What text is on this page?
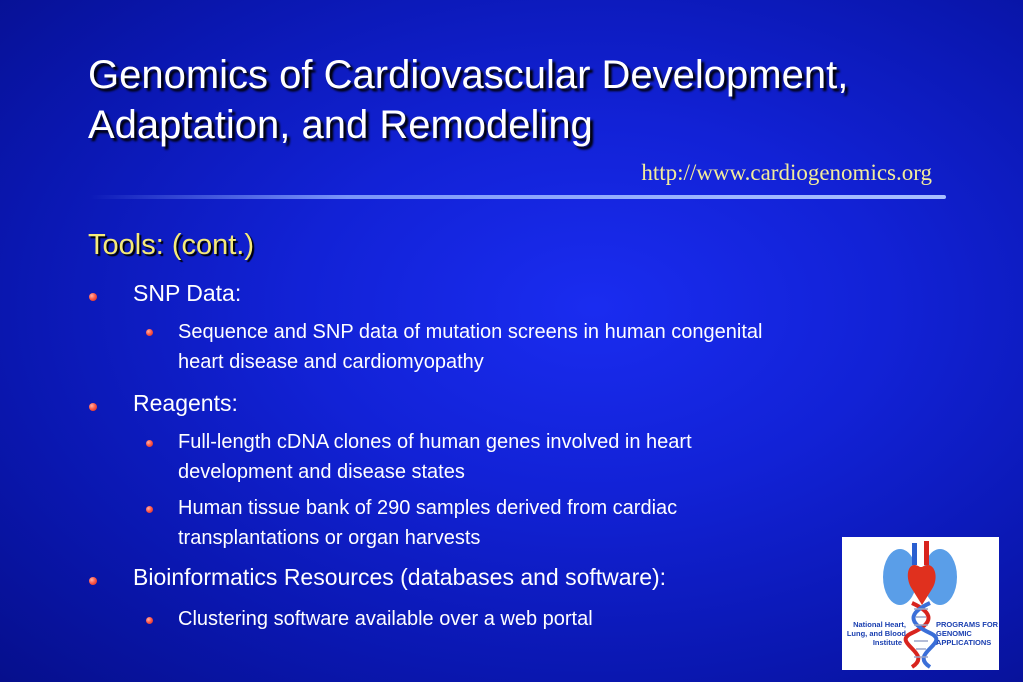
Genomics of Cardiovascular Development,
Adaptation, and Remodeling
http://www.cardiogenomics.org
Tools: (cont.)
SNP Data:
Sequence and SNP data of mutation screens in human congenital
heart disease and cardiomyopathy
Reagents:
Full-length cDNA clones of human genes involved in heart
development and disease states
Human tissue bank of 290 samples derived from cardiac
transplantations or organ harvests
Bioinformatics Resources (databases and software):
Clustering software available over a web portal	National Heart,
Lung, and Blood
Institute
PROGRAMS FOR
GENOMIC
APPLICATIONS
